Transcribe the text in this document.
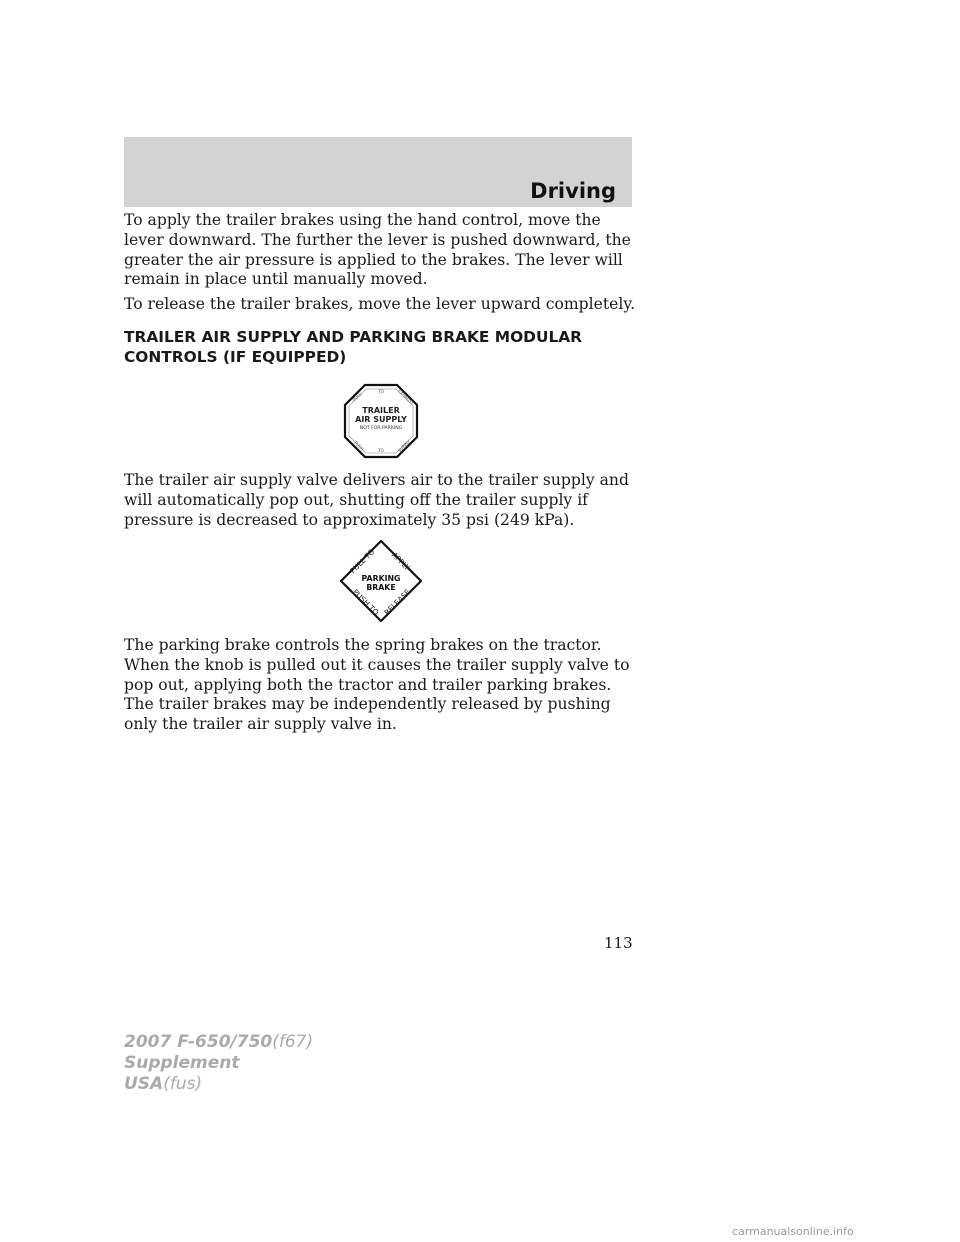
Driving

To apply the trailer brakes using the hand control, move the lever downward. The further the lever is pushed downward, the greater the air pressure is applied to the brakes. The lever will remain in place until manually moved.

To release the trailer brakes, move the lever upward completely.

TRAILER AIR SUPPLY AND PARKING BRAKE MODULAR
CONTROLS (IF EQUIPPED)
PULL
TO	EXHAUST
TRAILER
AIR SUPPLY
NOT FOR PARKING
PUSH	TO	SUPPLY

The trailer air supply valve delivers air to the trailer supply and will automatically pop out, shutting off the trailer supply if pressure is decreased to approximately 35 psi (249 kPa).

PULL TO APPLY
PARKING
BRAKE
PUSH TO RELEASE

The parking brake controls the spring brakes on the tractor. When the knob is pulled out it causes the trailer supply valve to pop out, applying both the tractor and trailer parking brakes. The trailer brakes may be independently released by pushing only the trailer air supply valve in.

113
2007 F-650/750(f67)
Supplement
USA(fus)
carmanualsonline.info
